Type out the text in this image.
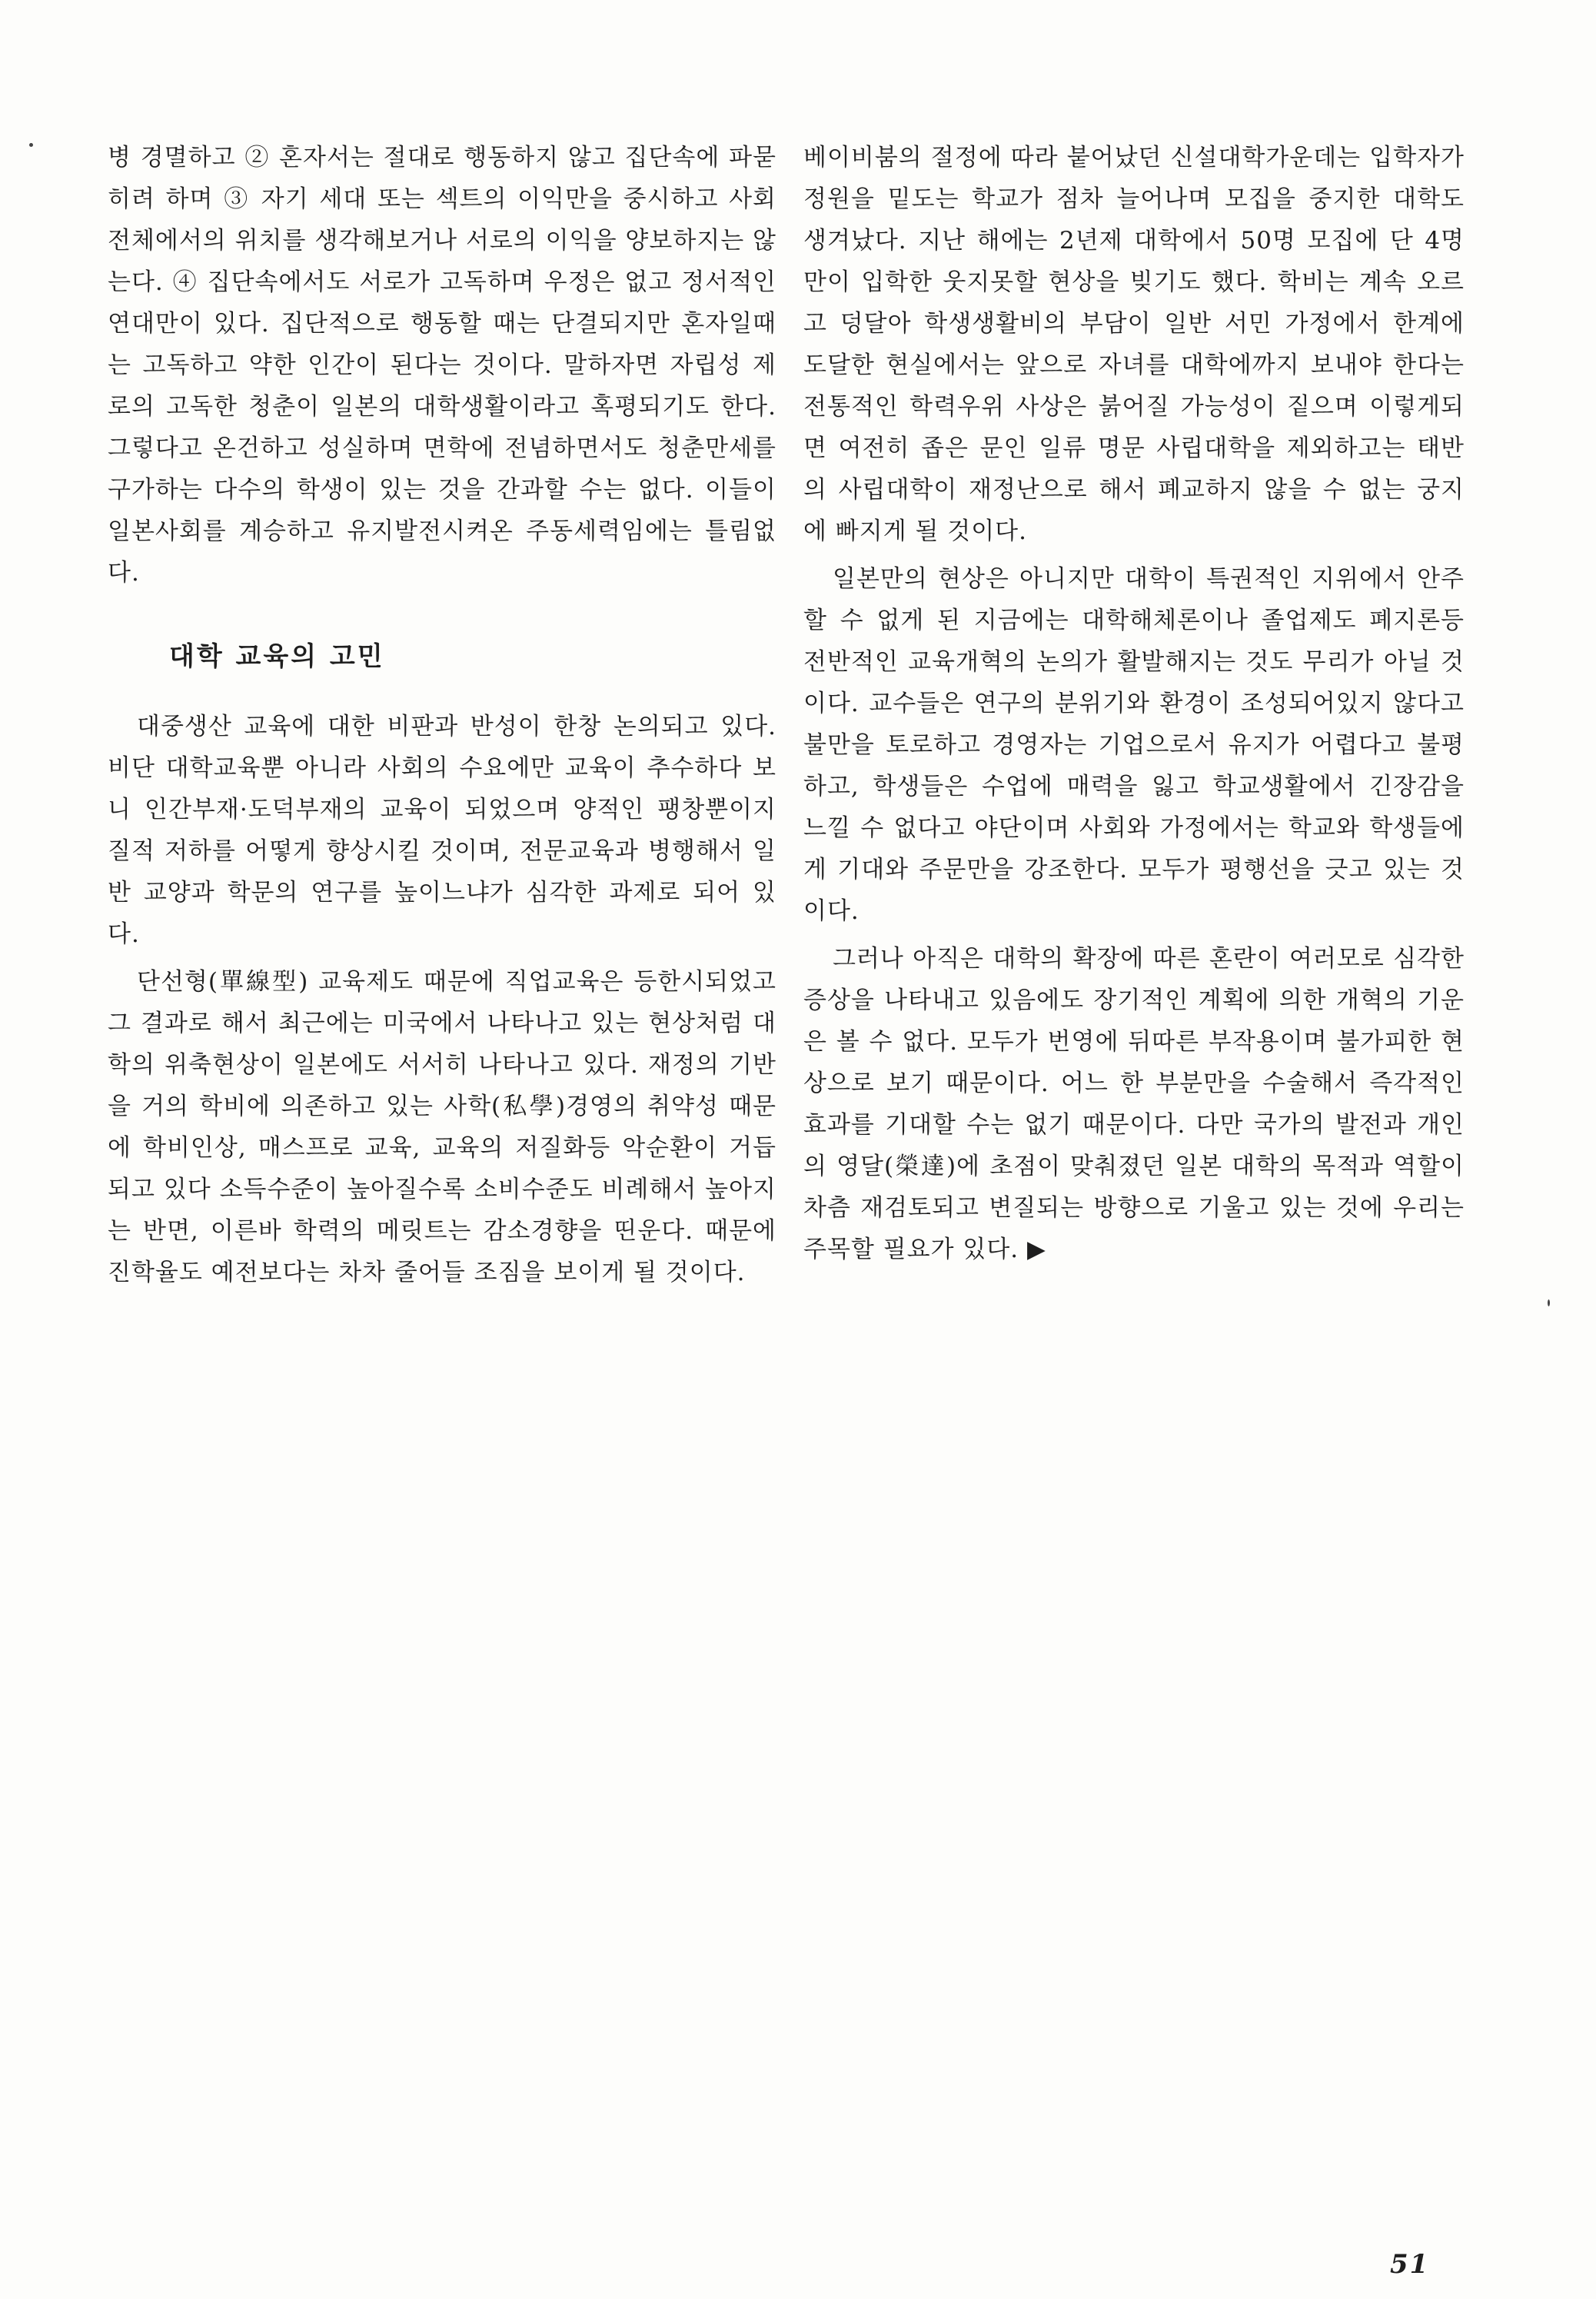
병 경멸하고 ② 혼자서는 절대로 행동하지 않고 집단속에 파묻히려 하며 ③ 자기 세대 또는 섹트의 이익만을 중시하고 사회전체에서의 위치를 생각해보거나 서로의 이익을 양보하지는 않는다. ④ 집단속에서도 서로가 고독하며 우정은 없고 정서적인 연대만이 있다. 집단적으로 행동할 때는 단결되지만 혼자일때는 고독하고 약한 인간이 된다는 것이다. 말하자면 자립성 제로의 고독한 청춘이 일본의 대학생활이라고 혹평되기도 한다. 그렇다고 온건하고 성실하며 면학에 전념하면서도 청춘만세를 구가하는 다수의 학생이 있는 것을 간과할 수는 없다. 이들이 일본사회를 계승하고 유지발전시켜온 주동세력임에는 틀림없다.

대학 교육의 고민

대중생산 교육에 대한 비판과 반성이 한창 논의되고 있다. 비단 대학교육뿐 아니라 사회의 수요에만 교육이 추수하다 보니 인간부재·도덕부재의 교육이 되었으며 양적인 팽창뿐이지 질적 저하를 어떻게 향상시킬 것이며, 전문교육과 병행해서 일반 교양과 학문의 연구를 높이느냐가 심각한 과제로 되어 있다.

단선형(單線型) 교육제도 때문에 직업교육은 등한시되었고 그 결과로 해서 최근에는 미국에서 나타나고 있는 현상처럼 대학의 위축현상이 일본에도 서서히 나타나고 있다. 재정의 기반을 거의 학비에 의존하고 있는 사학(私學)경영의 취약성 때문에 학비인상, 매스프로 교육, 교육의 저질화등 악순환이 거듭되고 있다 소득수준이 높아질수록 소비수준도 비례해서 높아지는 반면, 이른바 학력의 메릿트는 감소경향을 띤운다. 때문에 진학율도 예전보다는 차차 줄어들 조짐을 보이게 될 것이다.

베이비붐의 절정에 따라 붙어났던 신설대학가운데는 입학자가 정원을 밑도는 학교가 점차 늘어나며 모집을 중지한 대학도 생겨났다. 지난 해에는 2년제 대학에서 50명 모집에 단 4명만이 입학한 웃지못할 현상을 빚기도 했다. 학비는 계속 오르고 덩달아 학생생활비의 부담이 일반 서민 가정에서 한계에 도달한 현실에서는 앞으로 자녀를 대학에까지 보내야 한다는 전통적인 학력우위 사상은 붉어질 가능성이 짙으며 이렇게되면 여전히 좁은 문인 일류 명문 사립대학을 제외하고는 태반의 사립대학이 재정난으로 해서 폐교하지 않을 수 없는 궁지에 빠지게 될 것이다.

일본만의 현상은 아니지만 대학이 특권적인 지위에서 안주할 수 없게 된 지금에는 대학해체론이나 졸업제도 폐지론등 전반적인 교육개혁의 논의가 활발해지는 것도 무리가 아닐 것이다. 교수들은 연구의 분위기와 환경이 조성되어있지 않다고 불만을 토로하고 경영자는 기업으로서 유지가 어렵다고 불평하고, 학생들은 수업에 매력을 잃고 학교생활에서 긴장감을 느낄 수 없다고 야단이며 사회와 가정에서는 학교와 학생들에게 기대와 주문만을 강조한다. 모두가 평행선을 긋고 있는 것이다.

그러나 아직은 대학의 확장에 따른 혼란이 여러모로 심각한 증상을 나타내고 있음에도 장기적인 계획에 의한 개혁의 기운은 볼 수 없다. 모두가 번영에 뒤따른 부작용이며 불가피한 현상으로 보기 때문이다. 어느 한 부분만을 수술해서 즉각적인 효과를 기대할 수는 없기 때문이다. 다만 국가의 발전과 개인의 영달(榮達)에 초점이 맞춰졌던 일본 대학의 목적과 역할이 차츰 재검토되고 변질되는 방향으로 기울고 있는 것에 우리는 주목할 필요가 있다. ▶

51
